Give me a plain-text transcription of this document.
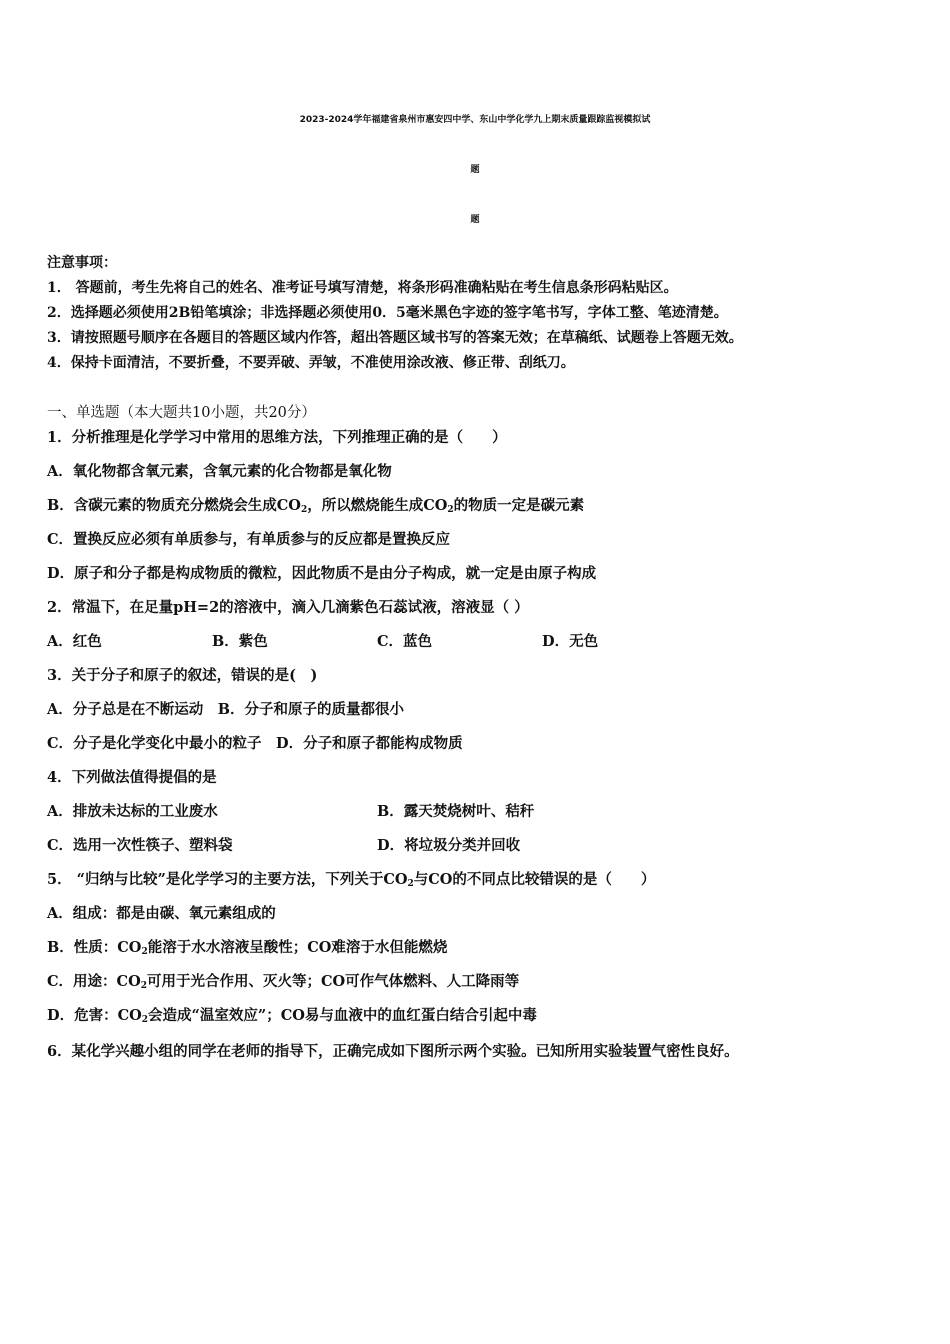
2023-2024学年福建省泉州市惠安四中学、东山中学化学九上期末质量跟踪监视模拟试
题
题
注意事项：
1． 答题前，考生先将自己的姓名、准考证号填写清楚，将条形码准确粘贴在考生信息条形码粘贴区。
2．选择题必须使用2B铅笔填涂；非选择题必须使用0．5毫米黑色字迹的签字笔书写，字体工整、笔迹清楚。
3．请按照题号顺序在各题目的答题区域内作答，超出答题区域书写的答案无效；在草稿纸、试题卷上答题无效。
4．保持卡面清洁，不要折叠，不要弄破、弄皱，不准使用涂改液、修正带、刮纸刀。
一、单选题（本大题共10小题，共20分）
1．分析推理是化学学习中常用的思维方法，下列推理正确的是（　　）
A．氧化物都含氧元素，含氧元素的化合物都是氧化物
B．含碳元素的物质充分燃烧会生成$CO_2$，所以燃烧能生成$CO_2$的物质一定是碳元素
C．置换反应必须有单质参与，有单质参与的反应都是置换反应
D．原子和分子都是构成物质的微粒，因此物质不是由分子构成，就一定是由原子构成
2．常温下，在足量pH=2的溶液中，滴入几滴紫色石蕊试液，溶液显（ ）
A．红色	B．紫色	C．蓝色	D．无色
3．关于分子和原子的叙述，错误的是(　)
A．分子总是在不断运动　B．分子和原子的质量都很小
C．分子是化学变化中最小的粒子　D．分子和原子都能构成物质
4．下列做法值得提倡的是
A．排放未达标的工业废水	B．露天焚烧树叶、秸秆
C．选用一次性筷子、塑料袋	D．将垃圾分类并回收
5． “归纳与比较”是化学学习的主要方法，下列关于$CO_2$与CO的不同点比较错误的是（　　）
A．组成：都是由碳、氧元素组成的
B．性质：$CO_2$能溶于水水溶液呈酸性；CO难溶于水但能燃烧
C．用途：$CO_2$可用于光合作用、灭火等；CO可作气体燃料、人工降雨等
D．危害：$CO_2$会造成“温室效应”；CO易与血液中的血红蛋白结合引起中毒
6．某化学兴趣小组的同学在老师的指导下，正确完成如下图所示两个实验。已知所用实验装置气密性良好。
